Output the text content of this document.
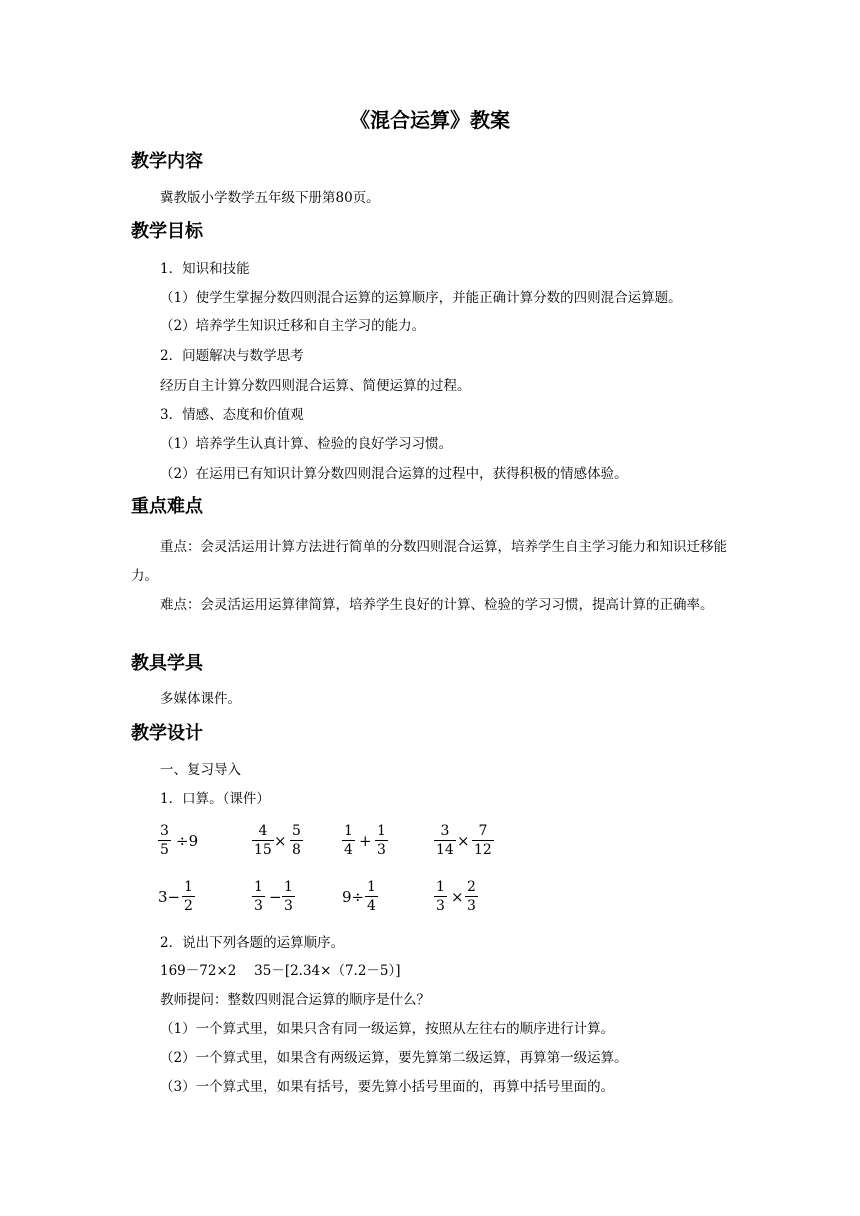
《混合运算》教案
教学内容
冀教版小学数学五年级下册第80页。
教学目标
1．知识和技能
（1）使学生掌握分数四则混合运算的运算顺序，并能正确计算分数的四则混合运算题。
（2）培养学生知识迁移和自主学习的能力。
2．问题解决与数学思考
经历自主计算分数四则混合运算、简便运算的过程。
3．情感、态度和价值观
（1）培养学生认真计算、检验的良好学习习惯。
（2）在运用已有知识计算分数四则混合运算的过程中，获得积极的情感体验。
重点难点
重点：会灵活运用计算方法进行简单的分数四则混合运算，培养学生自主学习能力和知识迁移能力。
难点：会灵活运用运算律简算，培养学生良好的计算、检验的学习习惯，提高计算的正确率。
教具学具
多媒体课件。
教学设计
一、复习导入
1．口算。（课件）
$\frac{3}{5} \div 9$	$\frac{4}{15} \times \frac{5}{8}$	$\frac{1}{4} + \frac{1}{3}$	$\frac{3}{14} \times \frac{7}{12}$
$3- \frac{1}{2}$	$\frac{1}{3} - \frac{1}{3}$	$9\div \frac{1}{4}$	$\frac{1}{3} \times \frac{2}{3}$
2．说出下列各题的运算顺序。
169－72×2　 35－[2.34×（7.2－5）]
教师提问：整数四则混合运算的顺序是什么？
（1）一个算式里，如果只含有同一级运算，按照从左往右的顺序进行计算。
（2）一个算式里，如果含有两级运算，要先算第二级运算，再算第一级运算。
（3）一个算式里，如果有括号，要先算小括号里面的，再算中括号里面的。
